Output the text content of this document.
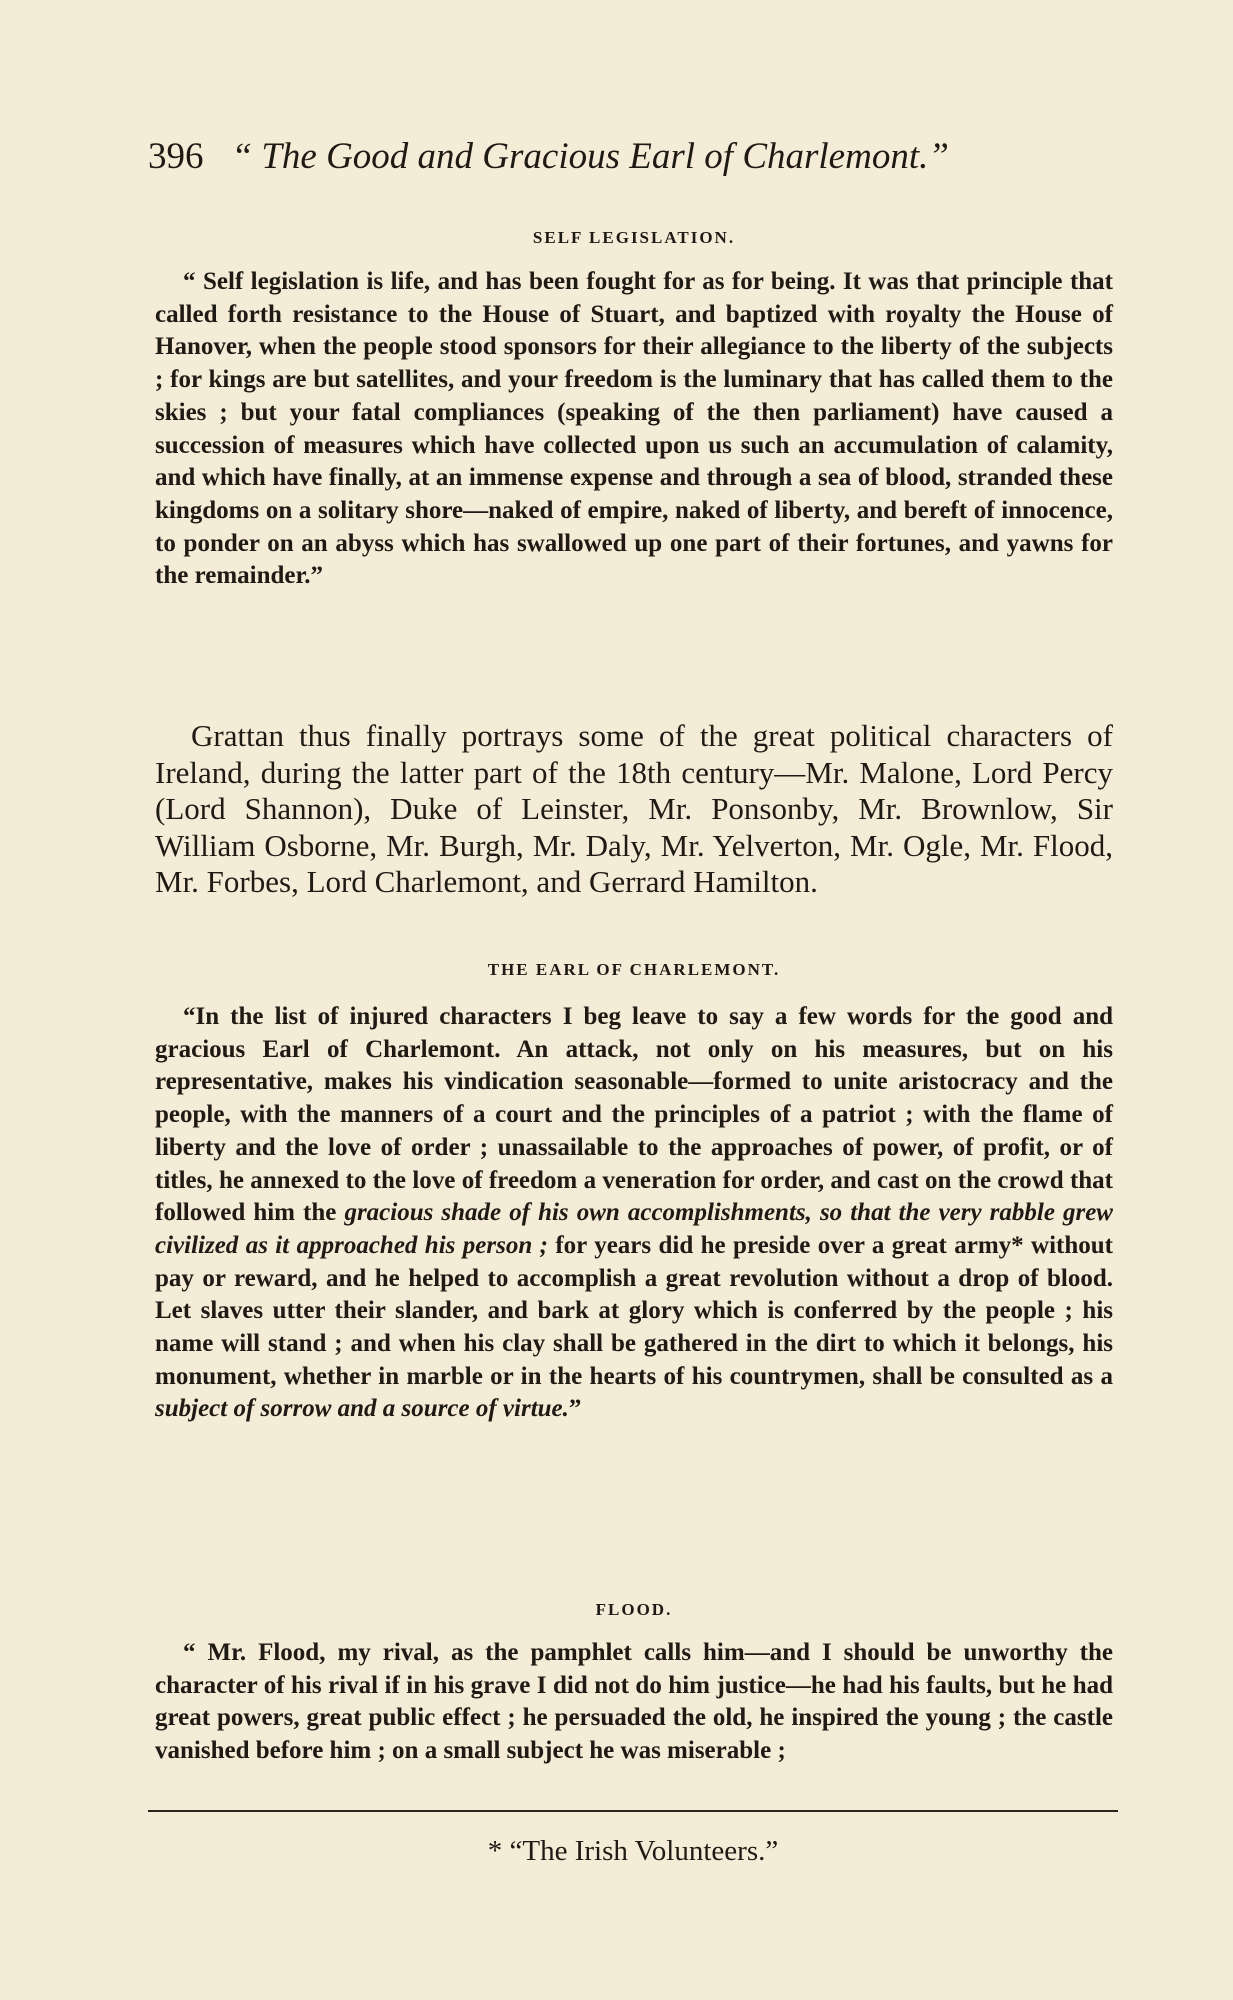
396 “ The Good and Gracious Earl of Charlemont.”
SELF LEGISLATION.

“ Self legislation is life, and has been fought for as for being. It was that principle that called forth resistance to the House of Stuart, and baptized with royalty the House of Hanover, when the people stood sponsors for their allegiance to the liberty of the subjects ; for kings are but satellites, and your freedom is the luminary that has called them to the skies ; but your fatal compliances (speaking of the then parliament) have caused a succession of measures which have collected upon us such an accumulation of calamity, and which have finally, at an immense expense and through a sea of blood, stranded these kingdoms on a solitary shore—naked of empire, naked of liberty, and bereft of innocence, to ponder on an abyss which has swallowed up one part of their fortunes, and yawns for the remainder.”

Grattan thus finally portrays some of the great political characters of Ireland, during the latter part of the 18th century—Mr. Malone, Lord Percy (Lord Shannon), Duke of Leinster, Mr. Ponsonby, Mr. Brownlow, Sir William Osborne, Mr. Burgh, Mr. Daly, Mr. Yelverton, Mr. Ogle, Mr. Flood, Mr. Forbes, Lord Charlemont, and Gerrard Hamilton.

THE EARL OF CHARLEMONT.

“In the list of injured characters I beg leave to say a few words for the good and gracious Earl of Charlemont. An attack, not only on his measures, but on his representative, makes his vindication seasonable—formed to unite aristocracy and the people, with the manners of a court and the principles of a patriot ; with the flame of liberty and the love of order ; unassailable to the approaches of power, of profit, or of titles, he annexed to the love of freedom a veneration for order, and cast on the crowd that followed him the gracious shade of his own accomplishments, so that the very rabble grew civilized as it approached his person ; for years did he preside over a great army* without pay or reward, and he helped to accomplish a great revolution without a drop of blood. Let slaves utter their slander, and bark at glory which is conferred by the people ; his name will stand ; and when his clay shall be gathered in the dirt to which it belongs, his monument, whether in marble or in the hearts of his countrymen, shall be consulted as a subject of sorrow and a source of virtue.”

FLOOD.

“ Mr. Flood, my rival, as the pamphlet calls him—and I should be unworthy the character of his rival if in his grave I did not do him justice—he had his faults, but he had great powers, great public effect ; he persuaded the old, he inspired the young ; the castle vanished before him ; on a small subject he was miserable ;

* “The Irish Volunteers.”
